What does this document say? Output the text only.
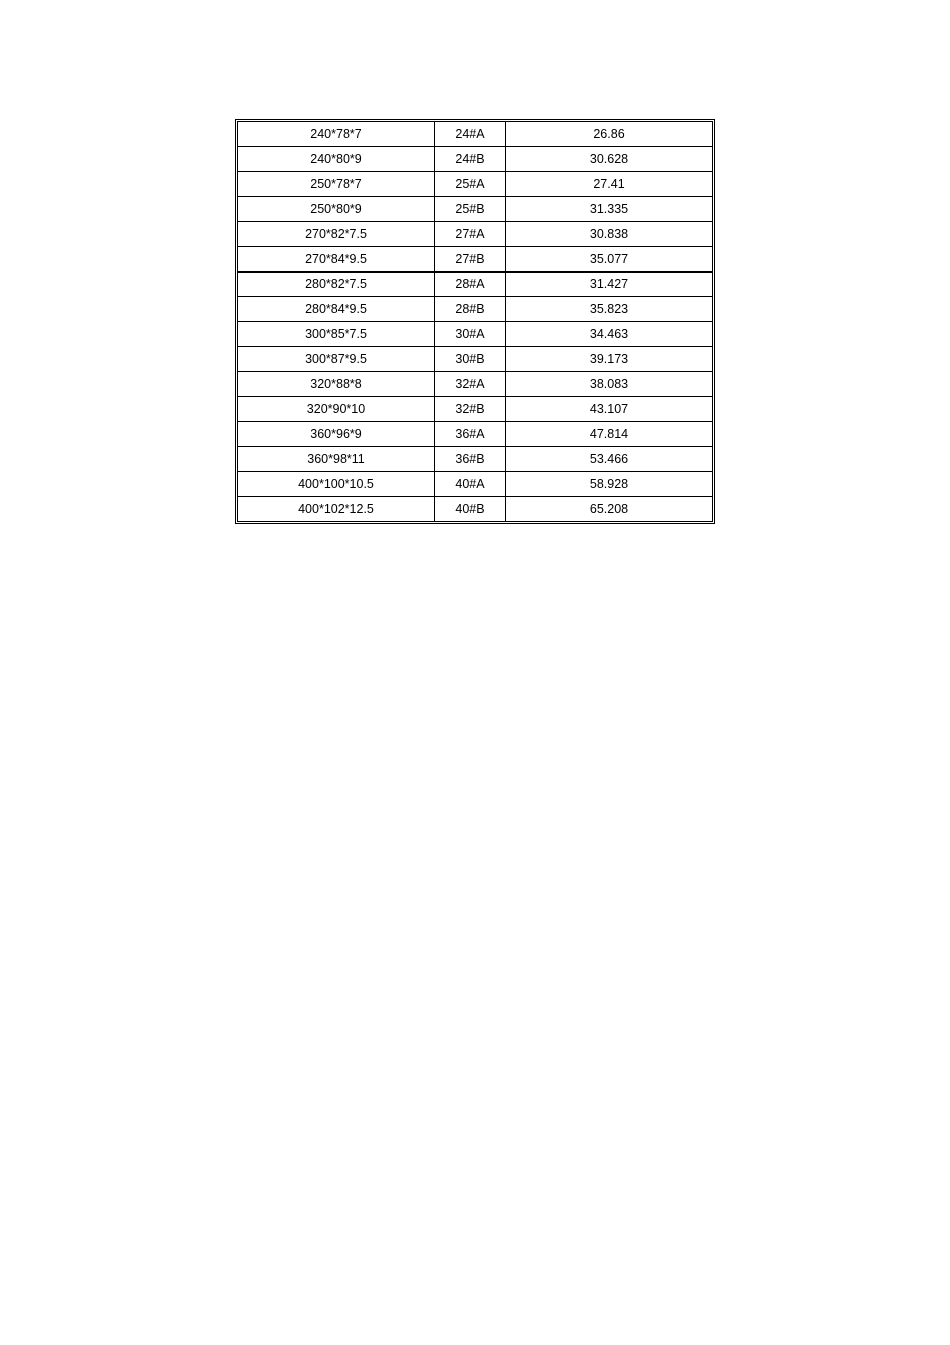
240*78*7	24#A	26.86
240*80*9	24#B	30.628
250*78*7	25#A	27.41
250*80*9	25#B	31.335
270*82*7.5	27#A	30.838
270*84*9.5	27#B	35.077
280*82*7.5	28#A	31.427
280*84*9.5	28#B	35.823
300*85*7.5	30#A	34.463
300*87*9.5	30#B	39.173
320*88*8	32#A	38.083
320*90*10	32#B	43.107
360*96*9	36#A	47.814
360*98*11	36#B	53.466
400*100*10.5	40#A	58.928
400*102*12.5	40#B	65.208
